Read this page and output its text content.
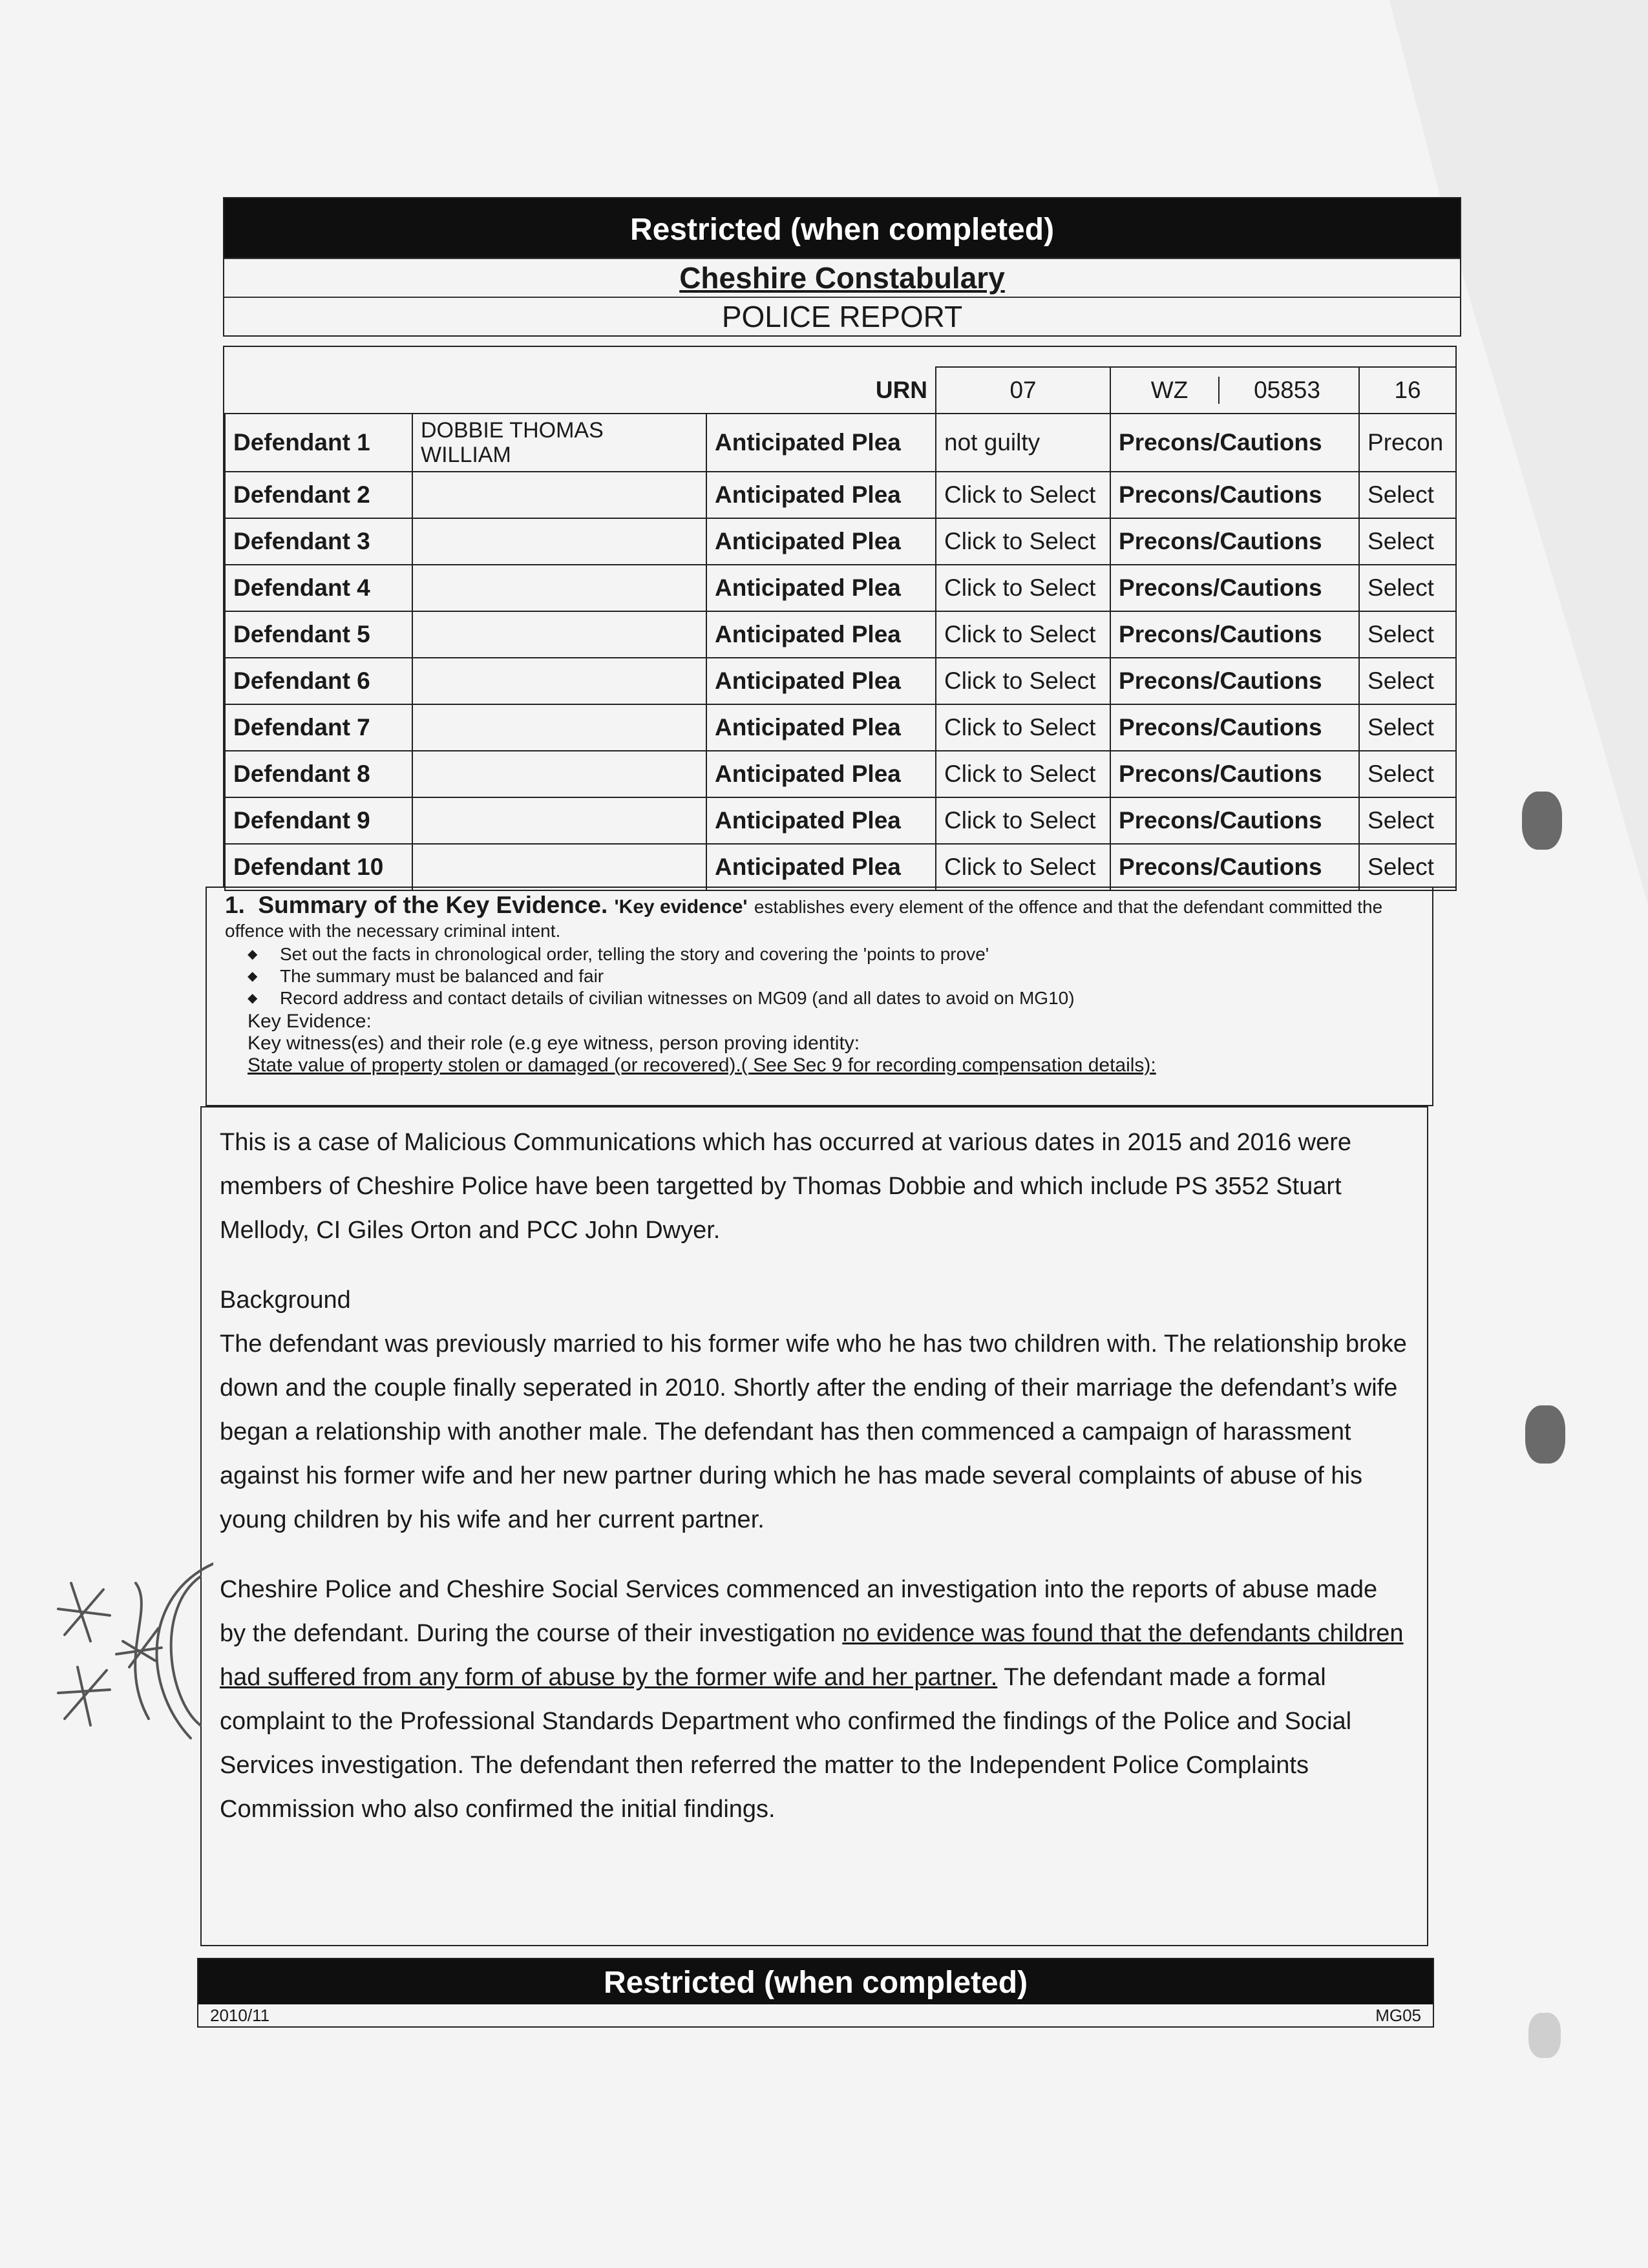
Restricted (when completed)
Cheshire Constabulary
POLICE REPORT
URN			07	WZ 05853	16
Defendant 1	DOBBIE THOMAS WILLIAM	Anticipated Plea	not guilty	Precons/Cautions	Precon
Defendant 2		Anticipated Plea	Click to Select	Precons/Cautions	Select
Defendant 3		Anticipated Plea	Click to Select	Precons/Cautions	Select
Defendant 4		Anticipated Plea	Click to Select	Precons/Cautions	Select
Defendant 5		Anticipated Plea	Click to Select	Precons/Cautions	Select
Defendant 6		Anticipated Plea	Click to Select	Precons/Cautions	Select
Defendant 7		Anticipated Plea	Click to Select	Precons/Cautions	Select
Defendant 8		Anticipated Plea	Click to Select	Precons/Cautions	Select
Defendant 9		Anticipated Plea	Click to Select	Precons/Cautions	Select
Defendant 10		Anticipated Plea	Click to Select	Precons/Cautions	Select
1. Summary of the Key Evidence. 'Key evidence' establishes every element of the offence and that the defendant committed the offence with the necessary criminal intent.
◆ Set out the facts in chronological order, telling the story and covering the 'points to prove'
◆ The summary must be balanced and fair
◆ Record address and contact details of civilian witnesses on MG09 (and all dates to avoid on MG10)
Key Evidence:
Key witness(es) and their role (e.g eye witness, person proving identity:
State value of property stolen or damaged (or recovered).( See Sec 9 for recording compensation details):

This is a case of Malicious Communications which has occurred at various dates in 2015 and 2016 were members of Cheshire Police have been targetted by Thomas Dobbie and which include PS 3552 Stuart Mellody, CI Giles Orton and PCC John Dwyer.

Background

The defendant was previously married to his former wife who he has two children with. The relationship broke down and the couple finally seperated in 2010. Shortly after the ending of their marriage the defendant’s wife began a relationship with another male. The defendant has then commenced a campaign of harassment against his former wife and her new partner during which he has made several complaints of abuse of his young children by his wife and her current partner.

Cheshire Police and Cheshire Social Services commenced an investigation into the reports of abuse made by the defendant. During the course of their investigation no evidence was found that the defendants children had suffered from any form of abuse by the former wife and her partner. The defendant made a formal complaint to the Professional Standards Department who confirmed the findings of the Police and Social Services investigation. The defendant then referred the matter to the Independent Police Complaints Commission who also confirmed the initial findings.

Restricted (when completed)
2010/11	MG05
